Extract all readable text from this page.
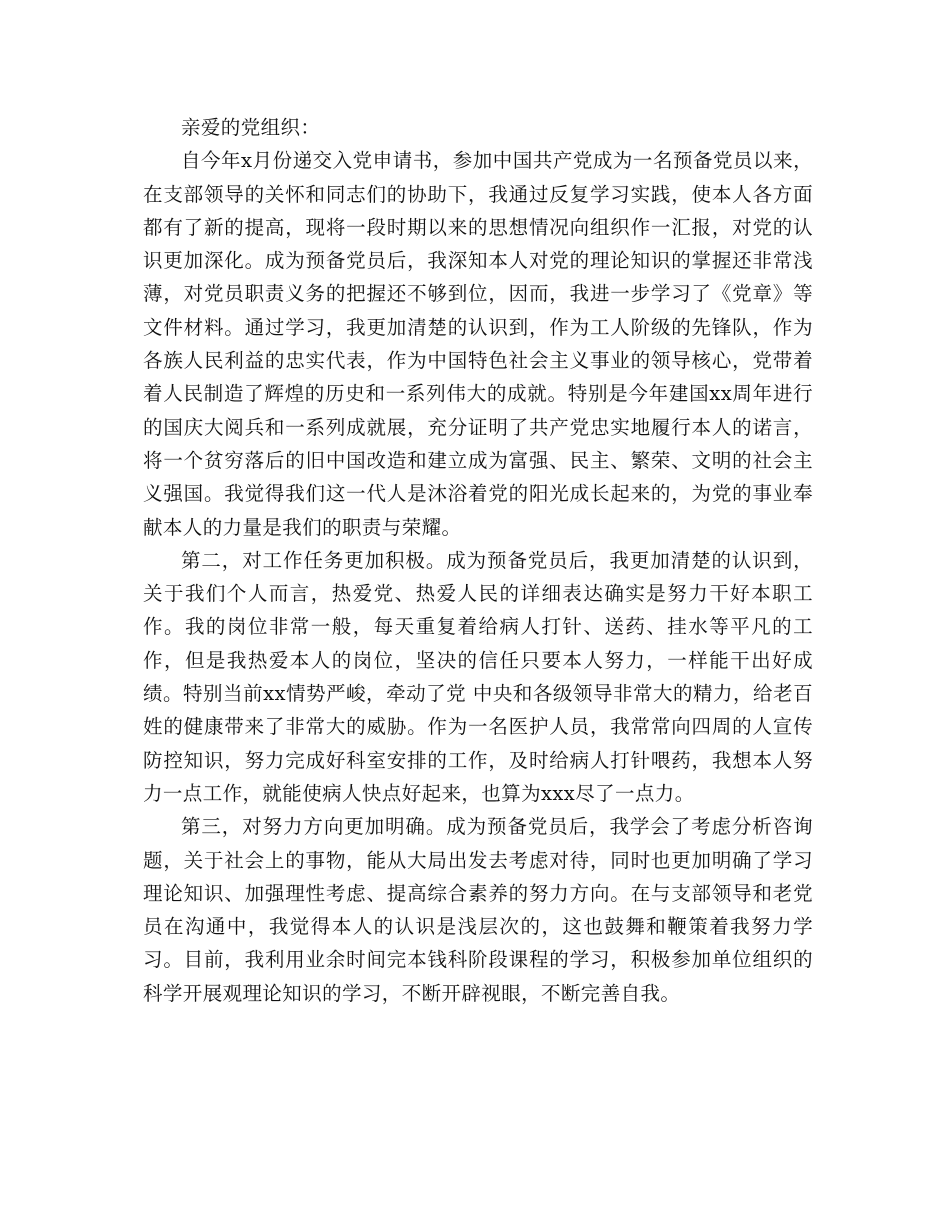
亲爱的党组织：

自今年x月份递交入党申请书，参加中国共产党成为一名预备党员以来，在支部领导的关怀和同志们的协助下，我通过反复学习实践，使本人各方面都有了新的提高，现将一段时期以来的思想情况向组织作一汇报，对党的认识更加深化。成为预备党员后，我深知本人对党的理论知识的掌握还非常浅薄，对党员职责义务的把握还不够到位，因而，我进一步学习了《党章》等文件材料。通过学习，我更加清楚的认识到，作为工人阶级的先锋队，作为各族人民利益的忠实代表，作为中国特色社会主义事业的领导核心，党带着着人民制造了辉煌的历史和一系列伟大的成就。特别是今年建国xx周年进行的国庆大阅兵和一系列成就展，充分证明了共产党忠实地履行本人的诺言，将一个贫穷落后的旧中国改造和建立成为富强、民主、繁荣、文明的社会主义强国。我觉得我们这一代人是沐浴着党的阳光成长起来的，为党的事业奉献本人的力量是我们的职责与荣耀。

第二，对工作任务更加积极。成为预备党员后，我更加清楚的认识到，关于我们个人而言，热爱党、热爱人民的详细表达确实是努力干好本职工作。我的岗位非常一般，每天重复着给病人打针、送药、挂水等平凡的工作，但是我热爱本人的岗位，坚决的信任只要本人努力，一样能干出好成绩。特别当前xx情势严峻，牵动了党 中央和各级领导非常大的精力，给老百姓的健康带来了非常大的威胁。作为一名医护人员，我常常向四周的人宣传防控知识，努力完成好科室安排的工作，及时给病人打针喂药，我想本人努力一点工作，就能使病人快点好起来，也算为xxx尽了一点力。

第三，对努力方向更加明确。成为预备党员后，我学会了考虑分析咨询题，关于社会上的事物，能从大局出发去考虑对待，同时也更加明确了学习理论知识、加强理性考虑、提高综合素养的努力方向。在与支部领导和老党员在沟通中，我觉得本人的认识是浅层次的，这也鼓舞和鞭策着我努力学习。目前，我利用业余时间完本钱科阶段课程的学习，积极参加单位组织的科学开展观理论知识的学习，不断开辟视眼，不断完善自我。
